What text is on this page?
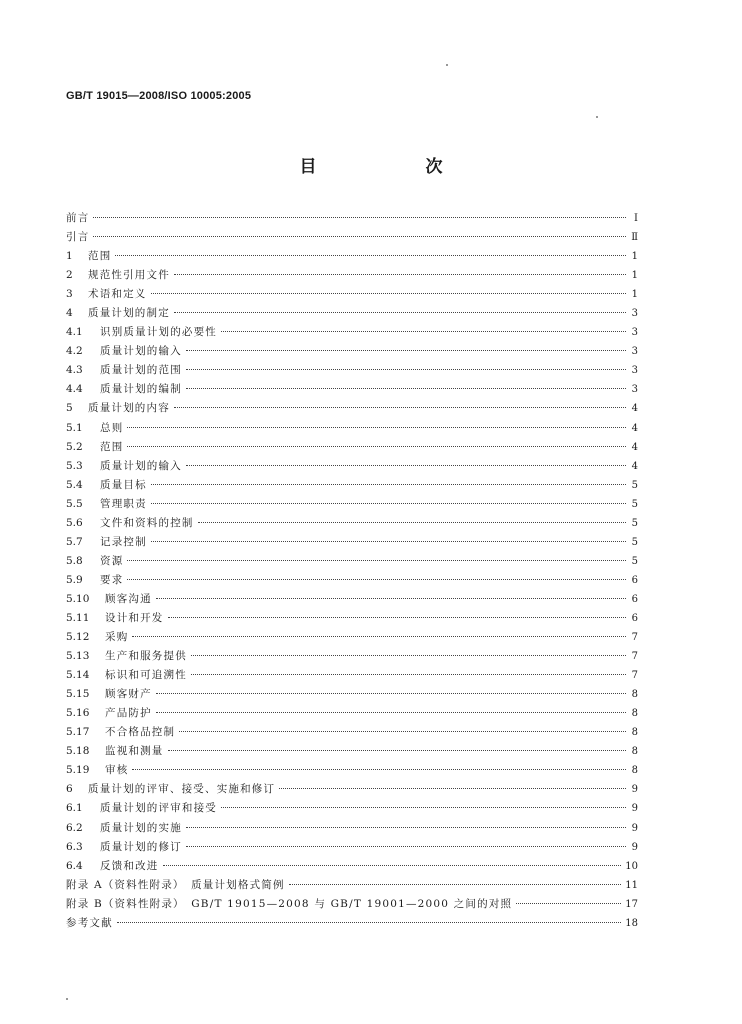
GB/T 19015—2008/ISO 10005:2005
目　次
前言	Ⅰ
引言	Ⅱ
1	范围	1
2	规范性引用文件	1
3	术语和定义	1
4	质量计划的制定	3
4.1	识别质量计划的必要性	3
4.2	质量计划的输入	3
4.3	质量计划的范围	3
4.4	质量计划的编制	3
5	质量计划的内容	4
5.1	总则	4
5.2	范围	4
5.3	质量计划的输入	4
5.4	质量目标	5
5.5	管理职责	5
5.6	文件和资料的控制	5
5.7	记录控制	5
5.8	资源	5
5.9	要求	6
5.10	顾客沟通	6
5.11	设计和开发	6
5.12	采购	7
5.13	生产和服务提供	7
5.14	标识和可追溯性	7
5.15	顾客财产	8
5.16	产品防护	8
5.17	不合格品控制	8
5.18	监视和测量	8
5.19	审核	8
6	质量计划的评审、接受、实施和修订	9
6.1	质量计划的评审和接受	9
6.2	质量计划的实施	9
6.3	质量计划的修订	9
6.4	反馈和改进	10
附录 A（资料性附录）　质量计划格式简例	11
附录 B（资料性附录）　GB/T 19015—2008 与 GB/T 19001—2000 之间的对照	17
参考文献	18
